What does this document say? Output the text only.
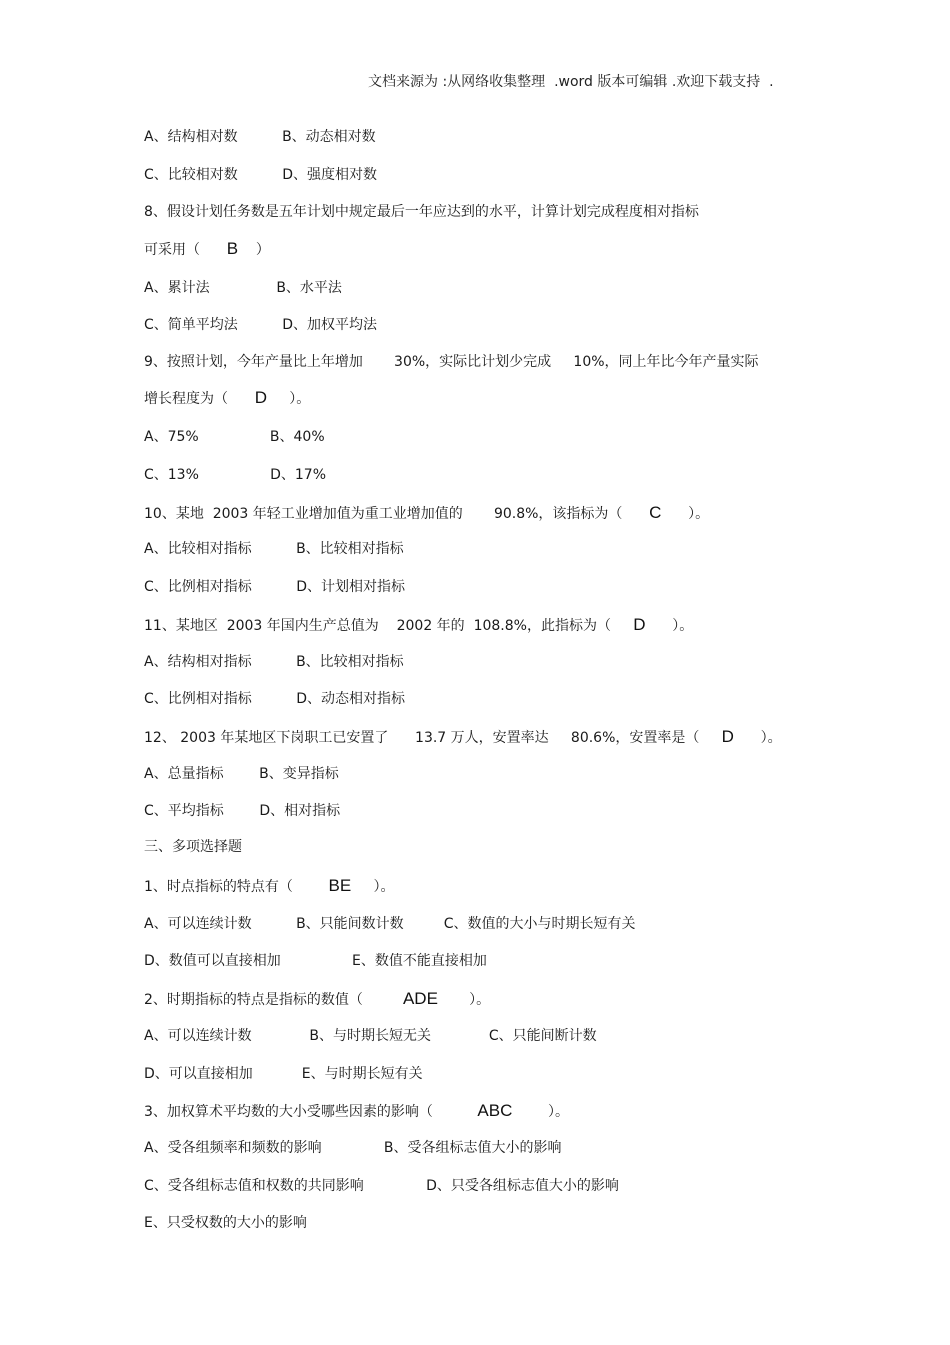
文档来源为 :从网络收集整理  .word 版本可编辑 .欢迎下载支持  .
A、结构相对数          B、动态相对数
C、比较相对数          D、强度相对数
8、假设计划任务数是五年计划中规定最后一年应达到的水平，计算计划完成程度相对指标
可采用（      B    ）
A、累计法               B、水平法
C、简单平均法          D、加权平均法
9、按照计划，今年产量比上年增加       30%，实际比计划少完成     10%，同上年比今年产量实际
增长程度为（      D     ）。
A、75%                B、40%
C、13%                D、17%
10、某地  2003 年轻工业增加值为重工业增加值的       90.8%，该指标为（      C      ）。
A、比较相对指标          B、比较相对指标
C、比例相对指标          D、计划相对指标
11、某地区  2003 年国内生产总值为    2002 年的  108.8%，此指标为（     D      ）。
A、结构相对指标          B、比较相对指标
C、比例相对指标          D、动态相对指标
12、 2003 年某地区下岗职工已安置了      13.7 万人，安置率达     80.6%，安置率是（     D      ）。
A、总量指标        B、变异指标
C、平均指标        D、相对指标
三、多项选择题
1、时点指标的特点有（        BE     ）。
A、可以连续计数          B、只能间数计数         C、数值的大小与时期长短有关
D、数值可以直接相加                E、数值不能直接相加
2、时期指标的特点是指标的数值（         ADE       ）。
A、可以连续计数             B、与时期长短无关             C、只能间断计数
D、可以直接相加           E、与时期长短有关
3、加权算术平均数的大小受哪些因素的影响（          ABC        ）。
A、受各组频率和频数的影响              B、受各组标志值大小的影响
C、受各组标志值和权数的共同影响              D、只受各组标志值大小的影响
E、只受权数的大小的影响
